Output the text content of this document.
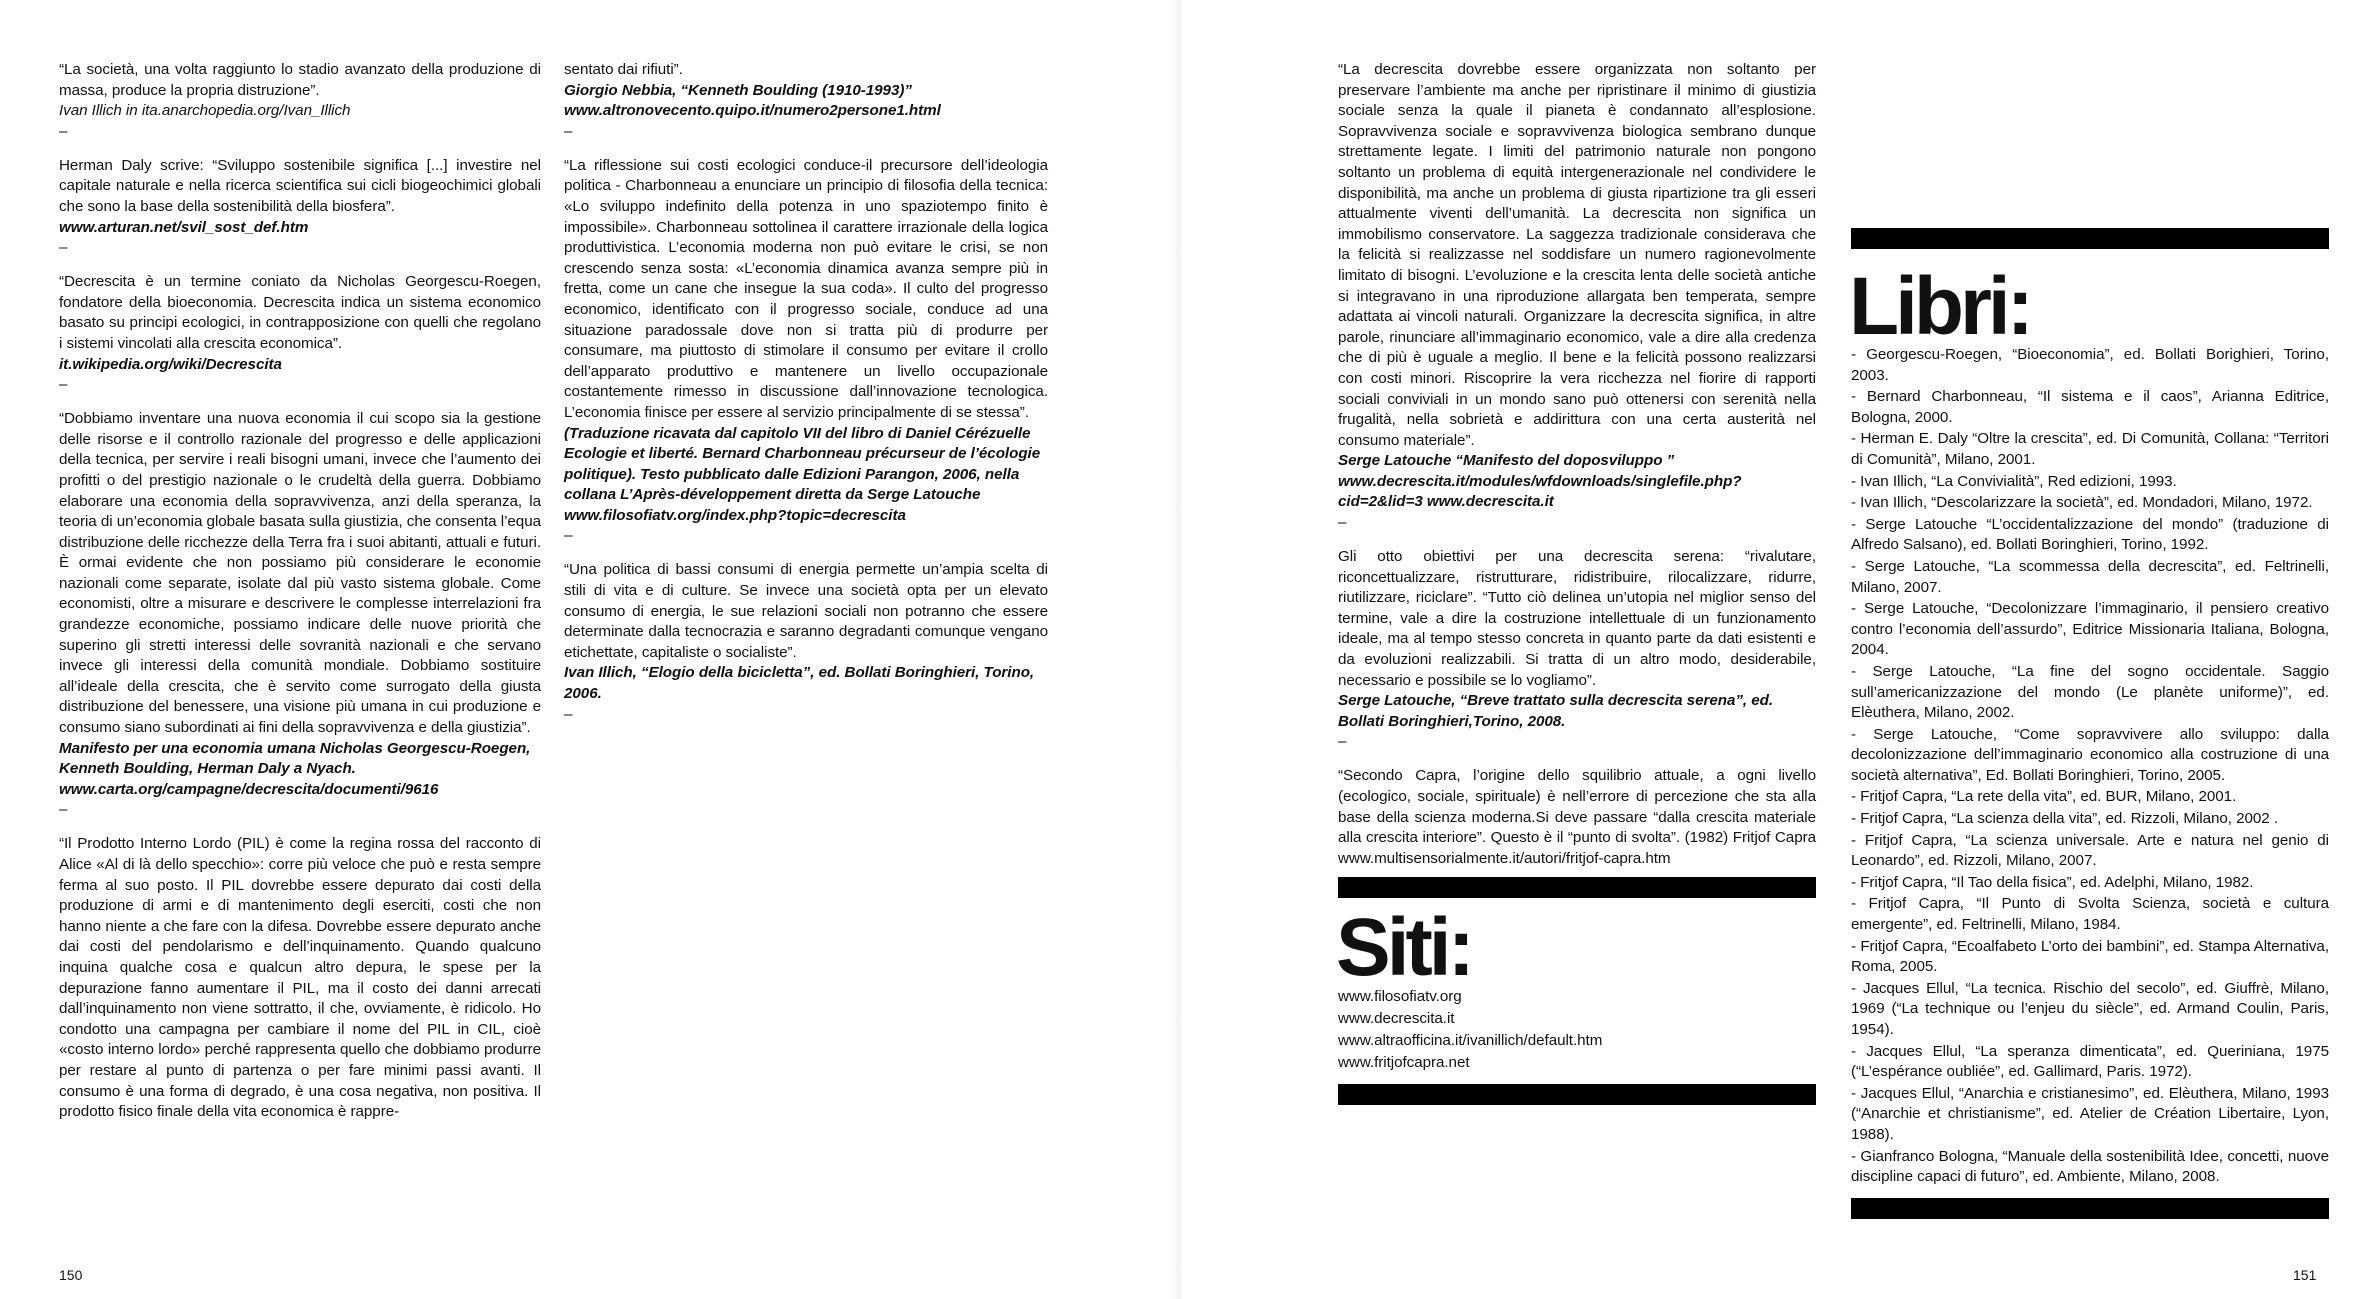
“La società, una volta raggiunto lo stadio avanzato della produzione di massa, produce la propria distruzione”.

Ivan Illich in ita.anarchopedia.org/Ivan_Illich

–

Herman Daly scrive: “Sviluppo sostenibile significa [...] investire nel capitale naturale e nella ricerca scientifica sui cicli biogeochimici globali che sono la base della sostenibilità della biosfera”.

www.arturan.net/svil_sost_def.htm

–

“Decrescita è un termine coniato da Nicholas Georgescu-Roegen, fondatore della bioeconomia. Decrescita indica un sistema economico basato su principi ecologici, in contrapposizione con quelli che regolano i sistemi vincolati alla crescita economica”.

it.wikipedia.org/wiki/Decrescita

–

“Dobbiamo inventare una nuova economia il cui scopo sia la gestione delle risorse e il controllo razionale del progresso e delle applicazioni della tecnica, per servire i reali bisogni umani, invece che l’aumento dei profitti o del prestigio nazionale o le crudeltà della guerra. Dobbiamo elaborare una economia della sopravvivenza, anzi della speranza, la teoria di un’economia globale basata sulla giustizia, che consenta l’equa distribuzione delle ricchezze della Terra fra i suoi abitanti, attuali e futuri. È ormai evidente che non possiamo più considerare le economie nazionali come separate, isolate dal più vasto sistema globale. Come economisti, oltre a misurare e descrivere le complesse interrelazioni fra grandezze economiche, possiamo indicare delle nuove priorità che superino gli stretti interessi delle sovranità nazionali e che servano invece gli interessi della comunità mondiale. Dobbiamo sostituire all’ideale della crescita, che è servito come surrogato della giusta distribuzione del benessere, una visione più umana in cui produzione e consumo siano subordinati ai fini della sopravvivenza e della giustizia”.

Manifesto per una economia umana Nicholas Georgescu-Roegen, Kenneth Boulding, Herman Daly a Nyach. www.carta.org/campagne/decrescita/documenti/9616

–

“Il Prodotto Interno Lordo (PIL) è come la regina rossa del racconto di Alice «Al di là dello specchio»: corre più veloce che può e resta sempre ferma al suo posto. Il PIL dovrebbe essere depurato dai costi della produzione di armi e di mantenimento degli eserciti, costi che non hanno niente a che fare con la difesa. Dovrebbe essere depurato anche dai costi del pendolarismo e dell’inquinamento. Quando qualcuno inquina qualche cosa e qualcun altro depura, le spese per la depurazione fanno aumentare il PIL, ma il costo dei danni arrecati dall’inquinamento non viene sottratto, il che, ovviamente, è ridicolo. Ho condotto una campagna per cambiare il nome del PIL in CIL, cioè «costo interno lordo» perché rappresenta quello che dobbiamo produrre per restare al punto di partenza o per fare minimi passi avanti. Il consumo è una forma di degrado, è una cosa negativa, non positiva. Il prodotto fisico finale della vita economica è rappre-

sentato dai rifiuti”.

Giorgio Nebbia, “Kenneth Boulding (1910-1993)” www.altronovecento.quipo.it/numero2persone1.html

–

“La riflessione sui costi ecologici conduce-il precursore dell’ideologia politica - Charbonneau a enunciare un principio di filosofia della tecnica: «Lo sviluppo indefinito della potenza in uno spaziotempo finito è impossibile». Charbonneau sottolinea il carattere irrazionale della logica produttivistica. L’economia moderna non può evitare le crisi, se non crescendo senza sosta: «L’economia dinamica avanza sempre più in fretta, come un cane che insegue la sua coda». Il culto del progresso economico, identificato con il progresso sociale, conduce ad una situazione paradossale dove non si tratta più di produrre per consumare, ma piuttosto di stimolare il consumo per evitare il crollo dell’apparato produttivo e mantenere un livello occupazionale costantemente rimesso in discussione dall’innovazione tecnologica. L’economia finisce per essere al servizio principalmente di se stessa”.

(Traduzione ricavata dal capitolo VII del libro di Daniel Cérézuelle Ecologie et liberté. Bernard Charbonneau précurseur de l’écologie politique). Testo pubblicato dalle Edizioni Parangon, 2006, nella collana L’Après-développement diretta da Serge Latouche www.filosofiatv.org/index.php?topic=decrescita

–

“Una politica di bassi consumi di energia permette un’ampia scelta di stili di vita e di culture. Se invece una società opta per un elevato consumo di energia, le sue relazioni sociali non potranno che essere determinate dalla tecnocrazia e saranno degradanti comunque vengano etichettate, capitaliste o socialiste”.

Ivan Illich, “Elogio della bicicletta”, ed. Bollati Boringhieri, Torino, 2006.

–

150

“La decrescita dovrebbe essere organizzata non soltanto per preservare l’ambiente ma anche per ripristinare il minimo di giustizia sociale senza la quale il pianeta è condannato all’esplosione. Sopravvivenza sociale e sopravvivenza biologica sembrano dunque strettamente legate. I limiti del patrimonio naturale non pongono soltanto un problema di equità intergenerazionale nel condividere le disponibilità, ma anche un problema di giusta ripartizione tra gli esseri attualmente viventi dell’umanità. La decrescita non significa un immobilismo conservatore. La saggezza tradizionale considerava che la felicità si realizzasse nel soddisfare un numero ragionevolmente limitato di bisogni. L’evoluzione e la crescita lenta delle società antiche si integravano in una riproduzione allargata ben temperata, sempre adattata ai vincoli naturali. Organizzare la decrescita significa, in altre parole, rinunciare all’immaginario economico, vale a dire alla credenza che di più è uguale a meglio. Il bene e la felicità possono realizzarsi con costi minori. Riscoprire la vera ricchezza nel fiorire di rapporti sociali conviviali in un mondo sano può ottenersi con serenità nella frugalità, nella sobrietà e addirittura con una certa austerità nel consumo materiale”.

Serge Latouche “Manifesto del doposviluppo ” www.decrescita.it/modules/wfdownloads/singlefile.php?cid=2&lid=3 www.decrescita.it

–

Gli otto obiettivi per una decrescita serena: “rivalutare, riconcettualizzare, ristrutturare, ridistribuire, rilocalizzare, ridurre, riutilizzare, riciclare”. “Tutto ciò delinea un’utopia nel miglior senso del termine, vale a dire la costruzione intellettuale di un funzionamento ideale, ma al tempo stesso concreta in quanto parte da dati esistenti e da evoluzioni realizzabili. Si tratta di un altro modo, desiderabile, necessario e possibile se lo vogliamo”.

Serge Latouche, “Breve trattato sulla decrescita serena”, ed. Bollati Boringhieri,Torino, 2008.

–

“Secondo Capra, l’origine dello squilibrio attuale, a ogni livello (ecologico, sociale, spirituale) è nell’errore di percezione che sta alla base della scienza moderna.Si deve passare “dalla crescita materiale alla crescita interiore”. Questo è il “punto di svolta”. (1982) Fritjof Capra www.multisensorialmente.it/autori/fritjof-capra.htm

Siti:
www.filosofiatv.org
www.decrescita.it
www.altraofficina.it/ivanillich/default.htm
www.fritjofcapra.net
Libri:

- Georgescu-Roegen, “Bioeconomia”, ed. Bollati Borighieri, Torino, 2003.

- Bernard Charbonneau, “Il sistema e il caos”, Arianna Editrice, Bologna, 2000.

- Herman E. Daly “Oltre la crescita”, ed. Di Comunità, Collana: “Territori di Comunità”, Milano, 2001.

- Ivan Illich, “La Convivialità”, Red edizioni, 1993.

- Ivan Illich, “Descolarizzare la società”, ed. Mondadori, Milano, 1972.

- Serge Latouche “L’occidentalizzazione del mondo” (traduzione di Alfredo Salsano), ed. Bollati Boringhieri, Torino, 1992.

- Serge Latouche, “La scommessa della decrescita”, ed. Feltrinelli, Milano, 2007.

- Serge Latouche, “Decolonizzare l’immaginario, il pensiero creativo contro l’economia dell’assurdo”, Editrice Missionaria Italiana, Bologna, 2004.

- Serge Latouche, “La fine del sogno occidentale. Saggio sull’americanizzazione del mondo (Le planète uniforme)”, ed. Elèuthera, Milano, 2002.

- Serge Latouche, “Come sopravvivere allo sviluppo: dalla decolonizzazione dell’immaginario economico alla costruzione di una società alternativa”, Ed. Bollati Boringhieri, Torino, 2005.

- Fritjof Capra, “La rete della vita”, ed. BUR, Milano, 2001.

- Fritjof Capra, “La scienza della vita”, ed. Rizzoli, Milano, 2002 .

- Fritjof Capra, “La scienza universale. Arte e natura nel genio di Leonardo”, ed. Rizzoli, Milano, 2007.

- Fritjof Capra, “Il Tao della fisica”, ed. Adelphi, Milano, 1982.

- Fritjof Capra, “Il Punto di Svolta Scienza, società e cultura emergente”, ed. Feltrinelli, Milano, 1984.

- Fritjof Capra, “Ecoalfabeto L’orto dei bambini”, ed. Stampa Alternativa, Roma, 2005.

- Jacques Ellul, “La tecnica. Rischio del secolo”, ed. Giuffrè, Milano, 1969 (“La technique ou l’enjeu du siècle”, ed. Armand Coulin, Paris, 1954).

- Jacques Ellul, “La speranza dimenticata”, ed. Queriniana, 1975 (“L’espérance oubliée”, ed. Gallimard, Paris. 1972).

- Jacques Ellul, “Anarchia e cristianesimo”, ed. Elèuthera, Milano, 1993 (“Anarchie et christianisme”, ed. Atelier de Création Libertaire, Lyon, 1988).

- Gianfranco Bologna, “Manuale della sostenibilità Idee, concetti, nuove discipline capaci di futuro”, ed. Ambiente, Milano, 2008.

151
